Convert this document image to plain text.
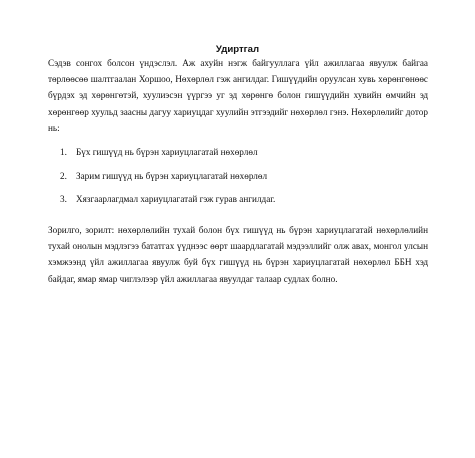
Удиртгал

Сэдэв сонгох болсон үндэслэл. Аж ахуйн нэгж байгууллага үйл ажиллагаа явуулж байгаа төрлөөсөө шалтгаалан Хоршоо, Нөхөрлөл гэж ангилдаг. Гишүүдийн оруулсан хувь хөрөнгөнөөс бүрдэх эд хөрөнгөтэй, хуулиэсэн үүргээ уг эд хөрөнгө болон гишүүдийн хувийн өмчийн эд хөрөнгөөр хуульд заасны дагуу хариуцдаг хуулийн этгээдийг нөхөрлөл гэнэ. Нөхөрлөлийг дотор нь:

1. Бүх гишүүд нь бүрэн хариуцлагатай нөхөрлөл
2. Зарим гишүүд нь бүрэн хариуцлагатай нөхөрлөл
3. Хязгаарлагдмал хариуцлагатай гэж гурав ангилдаг.

Зорилго, зорилт: нөхөрлөлийн тухай болон бүх гишүүд нь бүрэн хариуцлагатай нөхөрлөлийн тухай онолын мэдлэгээ бататгах үүднээс өөрт шаардлагатай мэдээллийг олж авах, монгол улсын хэмжээнд үйл ажиллагаа явуулж буй бүх гишүүд нь бүрэн хариуцлагатай нөхөрлөл ББН хэд байдаг, ямар ямар чиглэлээр үйл ажиллагаа явуулдаг талаар судлах болно.
